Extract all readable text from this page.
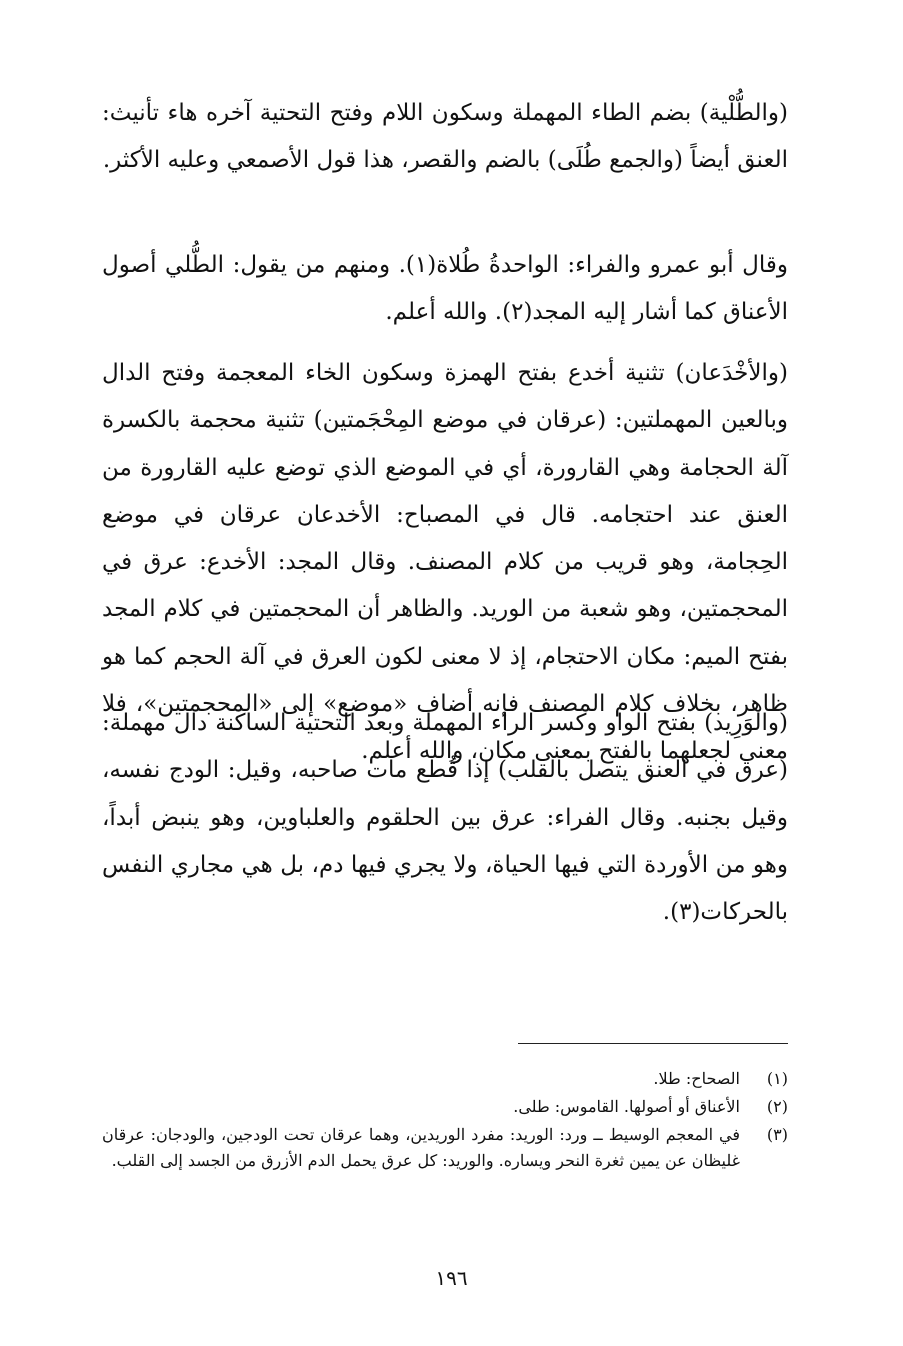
(والطُّلْية) بضم الطاء المهملة وسكون اللام وفتح التحتية آخره هاء تأنيث: العنق أيضاً (والجمع طُلَى) بالضم والقصر، هذا قول الأصمعي وعليه الأكثر.

وقال أبو عمرو والفراء: الواحدةُ طُلاة(١). ومنهم من يقول: الطُّلي أصول الأعناق كما أشار إليه المجد(٢). والله أعلم.

(والأخْدَعان) تثنية أخدع بفتح الهمزة وسكون الخاء المعجمة وفتح الدال وبالعين المهملتين: (عرقان في موضع المِحْجَمتين) تثنية محجمة بالكسرة آلة الحجامة وهي القارورة، أي في الموضع الذي توضع عليه القارورة من العنق عند احتجامه. قال في المصباح: الأخدعان عرقان في موضع الحِجامة، وهو قريب من كلام المصنف. وقال المجد: الأخدع: عرق في المحجمتين، وهو شعبة من الوريد. والظاهر أن المحجمتين في كلام المجد بفتح الميم: مكان الاحتجام، إذ لا معنى لكون العرق في آلة الحجم كما هو ظاهر، بخلاف كلام المصنف فإنه أضاف «موضع» إلى «المحجمتين»، فلا معنى لجعلهما بالفتح بمعنى مكان، والله أعلم.

(والوَرِيد) بفتح الواو وكسر الراء المهملة وبعد التحتية الساكنة دال مهملة: (عرق في العنق يتصل بالقلب) إذا قُطع مات صاحبه، وقيل: الودج نفسه، وقيل بجنبه. وقال الفراء: عرق بين الحلقوم والعلباوين، وهو ينبض أبداً، وهو من الأوردة التي فيها الحياة، ولا يجري فيها دم، بل هي مجاري النفس بالحركات(٣).

(١)
الصحاح: طلا.
(٢)
الأعناق أو أصولها. القاموس: طلى.
(٣)
في المعجم الوسيط ــ ورد: الوريد: مفرد الوريدين، وهما عرقان تحت الودجين، والودجان: عرقان غليظان عن يمين ثغرة النحر ويساره. والوريد: كل عرق يحمل الدم الأزرق من الجسد إلى القلب.
١٩٦
